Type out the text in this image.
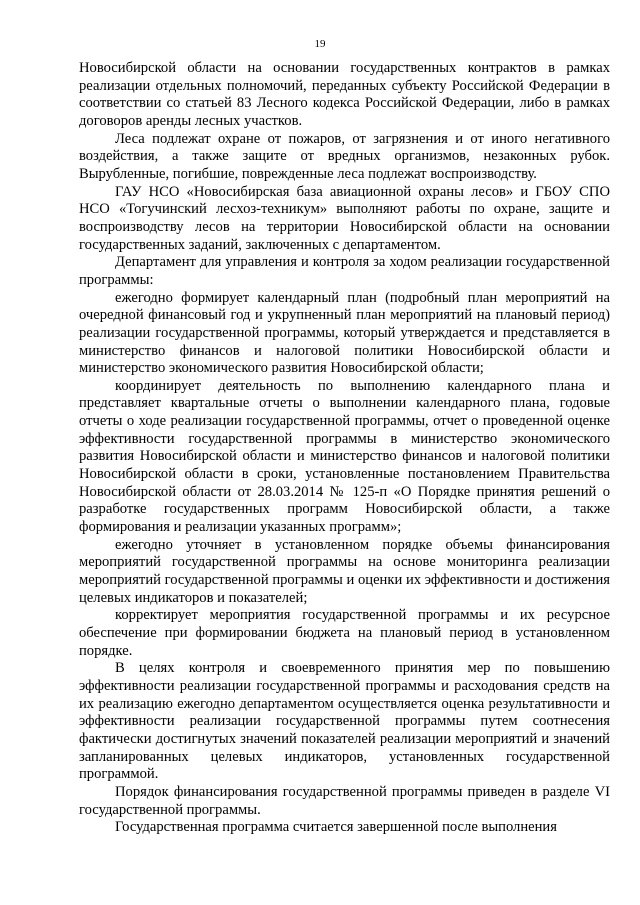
19

Новосибирской области на основании государственных контрактов в рамках реализации отдельных полномочий, переданных субъекту Российской Федерации в соответствии со статьей 83 Лесного кодекса Российской Федерации, либо в рамках договоров аренды лесных участков.

Леса подлежат охране от пожаров, от загрязнения и от иного негативного воздействия, а также защите от вредных организмов, незаконных рубок. Вырубленные, погибшие, поврежденные леса подлежат воспроизводству.

ГАУ НСО «Новосибирская база авиационной охраны лесов» и ГБОУ СПО НСО «Тогучинский лесхоз-техникум» выполняют работы по охране, защите и воспроизводству лесов на территории Новосибирской области на основании государственных заданий, заключенных с департаментом.

Департамент для управления и контроля за ходом реализации государственной программы:

ежегодно формирует календарный план (подробный план мероприятий на очередной финансовый год и укрупненный план мероприятий на плановый период) реализации государственной программы, который утверждается и представляется в министерство финансов и налоговой политики Новосибирской области и министерство экономического развития Новосибирской области;

координирует деятельность по выполнению календарного плана и представляет квартальные отчеты о выполнении календарного плана, годовые отчеты о ходе реализации государственной программы, отчет о проведенной оценке эффективности государственной программы в министерство экономического развития Новосибирской области и министерство финансов и налоговой политики Новосибирской области в сроки, установленные постановлением Правительства Новосибирской области от 28.03.2014 № 125-п «О Порядке принятия решений о разработке государственных программ Новосибирской области, а также формирования и реализации указанных программ»;

ежегодно уточняет в установленном порядке объемы финансирования мероприятий государственной программы на основе мониторинга реализации мероприятий государственной программы и оценки их эффективности и достижения целевых индикаторов и показателей;

корректирует мероприятия государственной программы и их ресурсное обеспечение при формировании бюджета на плановый период в установленном порядке.

В целях контроля и своевременного принятия мер по повышению эффективности реализации государственной программы и расходования средств на их реализацию ежегодно департаментом осуществляется оценка результативности и эффективности реализации государственной программы путем соотнесения фактически достигнутых значений показателей реализации мероприятий и значений запланированных целевых индикаторов, установленных государственной программой.

Порядок финансирования государственной программы приведен в разделе VI государственной программы.

Государственная программа считается завершенной после выполнения
